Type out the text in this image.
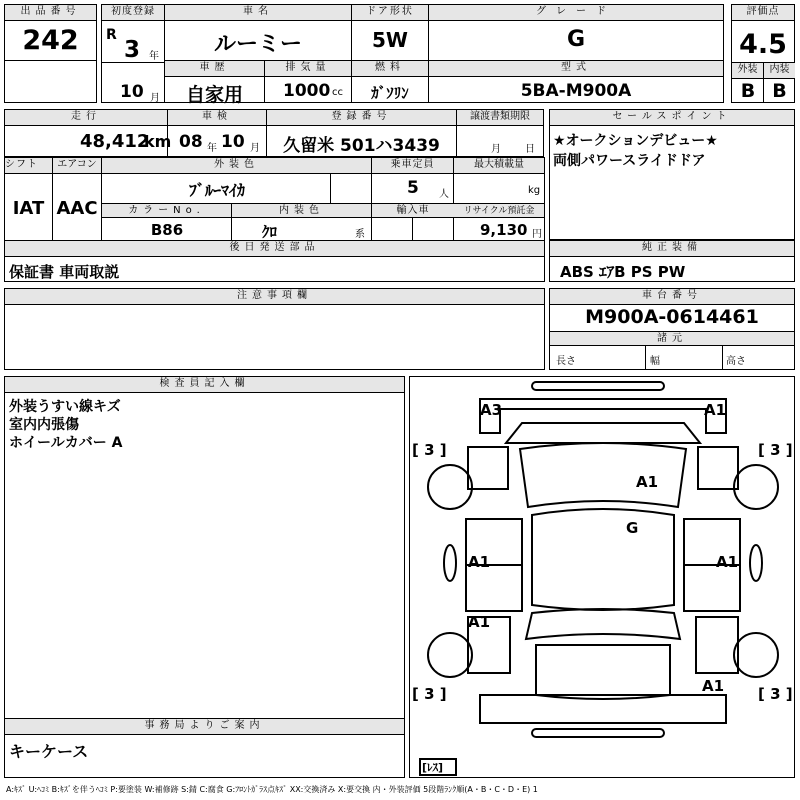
出品番号
242
初度登録
R
3 年
10 月
車名
ルーミー
ドア形状
5W
グレード
G
評価点
4.5
外装	内装
B B
車歴
自家用
排気量
1000 cc
燃料
ｶﾞｿﾘﾝ
型式
5BA-M900A
走行
48,412
km
車検
08 年 10 月
登録番号
久留米 501ハ3439
譲渡書類期限
月 日
セールスポイント
★オークションデビュー★
両側パワースライドドア
シフト
IAT
エアコン
AAC
外装色
ﾌﾞﾙｰﾏｲｶ
乗車定員
5 人
最大積載量
kg
カラーNo.
B86
内装色
ｸﾛ	系
輸入車	リサイクル預託金
9,130 円
後日発送部品
保証書 車両取説
純正装備
ABS ｴｱB PS PW
注意事項欄	車台番号
M900A-0614461
諸元
長さ	幅	高さ
検査員記入欄
外装うすい線キズ
室内内張傷
ホイールカバー A
事務局よりご案内
キーケース
A3	A1
A1
G
A1	A1
A1
A1
[ 3 ]	[ 3 ]
[ 3 ]	[ 3 ]
[ﾚｽ]
A:ｷｽﾞ U:ﾍｺﾐ B:ｷｽﾞを伴うﾍｺﾐ P:要塗装 W:補修跡 S:錆 C:腐食 G:ﾌﾛﾝﾄｶﾞﾗｽ点ｷｽﾞ XX:交換済み X:要交換 内・外装評価 5段階ﾗﾝｸ順(A・B・C・D・E) 1
